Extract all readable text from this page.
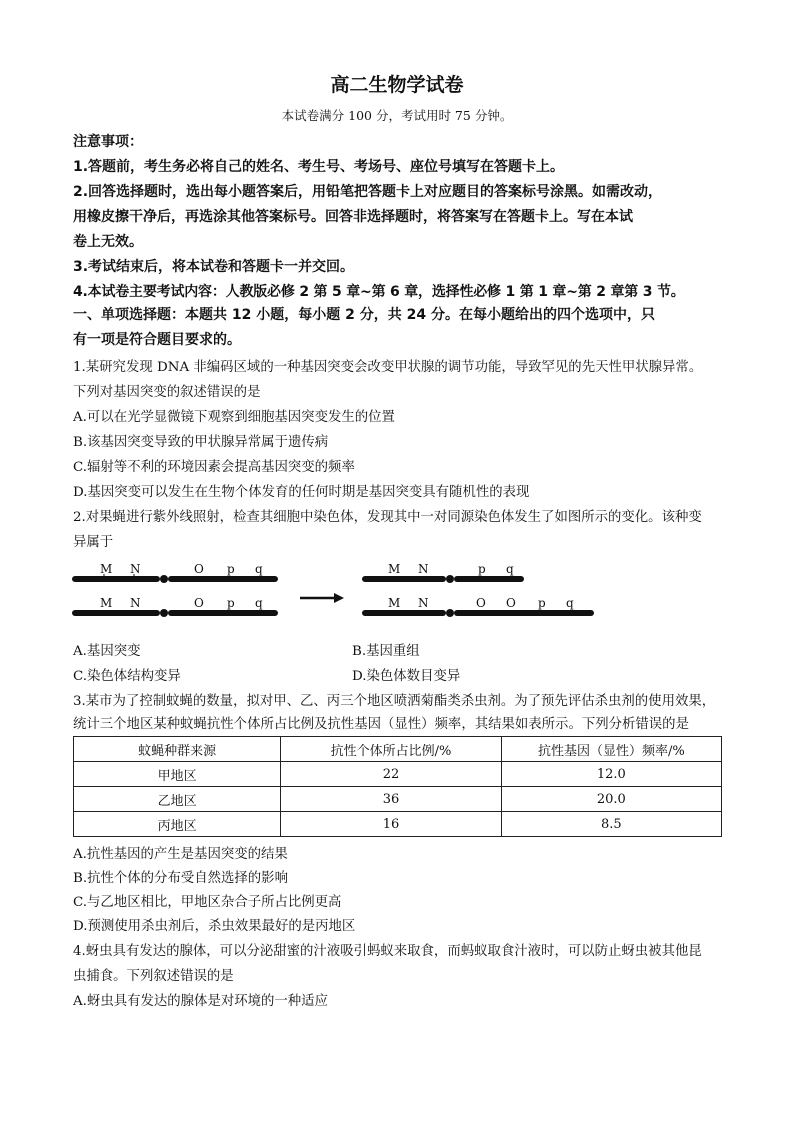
高二生物学试卷
本试卷满分 100 分，考试用时 75 分钟。
注意事项：
1.答题前，考生务必将自己的姓名、考生号、考场号、座位号填写在答题卡上。
2.回答选择题时，选出每小题答案后，用铅笔把答题卡上对应题目的答案标号涂黑。如需改动，
用橡皮擦干净后，再选涂其他答案标号。回答非选择题时，将答案写在答题卡上。写在本试
卷上无效。
3.考试结束后，将本试卷和答题卡一并交回。
4.本试卷主要考试内容：人教版必修 2 第 5 章~第 6 章，选择性必修 1 第 1 章~第 2 章第 3 节。
一、单项选择题：本题共 12 小题，每小题 2 分，共 24 分。在每小题给出的四个选项中，只
有一项是符合题目要求的。
1.某研究发现 DNA 非编码区域的一种基因突变会改变甲状腺的调节功能，导致罕见的先天性甲状腺异常。
下列对基因突变的叙述错误的是
A.可以在光学显微镜下观察到细胞基因突变发生的位置
B.该基因突变导致的甲状腺异常属于遗传病
C.辐射等不利的环境因素会提高基因突变的频率
D.基因突变可以发生在生物个体发育的任何时期是基因突变具有随机性的表现
2.对果蝇进行紫外线照射，检查其细胞中染色体，发现其中一对同源染色体发生了如图所示的变化。该种变
异属于
M N	O p q
M N	O p q
M N	p q
M N	O O p q
A.基因突变	B.基因重组
C.染色体结构变异	D.染色体数目变异
3.某市为了控制蚊蝇的数量，拟对甲、乙、丙三个地区喷洒菊酯类杀虫剂。为了预先评估杀虫剂的使用效果，
统计三个地区某种蚊蝇抗性个体所占比例及抗性基因（显性）频率，其结果如表所示。下列分析错误的是
蚊蝇种群来源	抗性个体所占比例/%	抗性基因（显性）频率/%
甲地区	22	12.0
乙地区	36	20.0
丙地区	16	8.5
A.抗性基因的产生是基因突变的结果
B.抗性个体的分布受自然选择的影响
C.与乙地区相比，甲地区杂合子所占比例更高
D.预测使用杀虫剂后，杀虫效果最好的是丙地区
4.蚜虫具有发达的腺体，可以分泌甜蜜的汁液吸引蚂蚁来取食，而蚂蚁取食汁液时，可以防止蚜虫被其他昆
虫捕食。下列叙述错误的是
A.蚜虫具有发达的腺体是对环境的一种适应
